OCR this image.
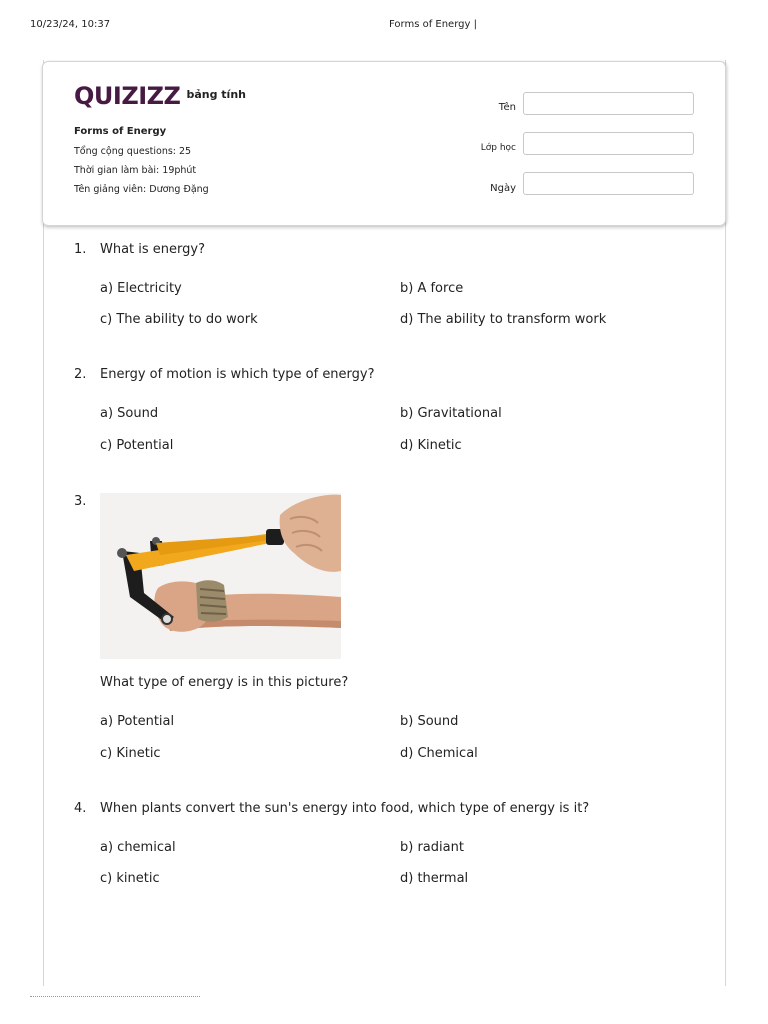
10/23/24, 10:37	Forms of Energy |
QUIZIZZ bảng tính
Forms of Energy
Tổng cộng questions: 25
Thời gian làm bài: 19phút
Tên giảng viên: Dương Đặng
Tên
Lớp học
Ngày
1.	What is energy?
a) Electricity	b) A force
c) The ability to do work	d) The ability to transform work
2.	Energy of motion is which type of energy?
a) Sound	b) Gravitational
c) Potential	d) Kinetic
3.
What type of energy is in this picture?
a) Potential	b) Sound
c) Kinetic	d) Chemical
4.	When plants convert the sun's energy into food, which type of energy is it?
a) chemical	b) radiant
c) kinetic	d) thermal
